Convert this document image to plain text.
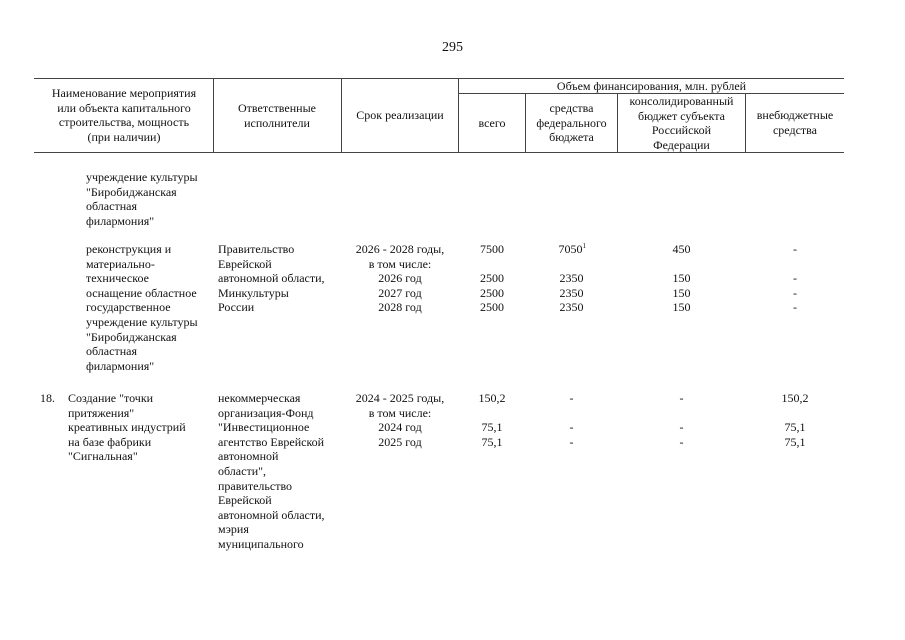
295
Наименование мероприятия
или объекта капитального
строительства, мощность
(при наличии)
Ответственные
исполнители
Срок реализации
Объем финансирования, млн. рублей
всего
средства
федерального
бюджета
консолидированный
бюджет субъекта
Российской
Федерации
внебюджетные
средства
учреждение культуры
"Биробиджанская
областная
филармония"
реконструкция и
материально-
техническое
оснащение областное
государственное
учреждение культуры
"Биробиджанская
областная
филармония"
Правительство
Еврейской
автономной области,
Минкультуры
России
2026 - 2028 годы,
в том числе:
2026 год
2027 год
2028 год
7500

2500
2500
2500
7050$^1$
2350
2350
2350
450

150
150
150
-

-
-
-
18.	Создание "точки
притяжения"
креативных индустрий
на базе фабрики
"Сигнальная"
некоммерческая
организация-Фонд
"Инвестиционное
агентство Еврейской
автономной
области",
правительство
Еврейской
автономной области,
мэрия
муниципального
2024 - 2025 годы,
в том числе:
2024 год
2025 год
150,2

75,1
75,1
-

-
-
-

-
-
150,2

75,1
75,1
